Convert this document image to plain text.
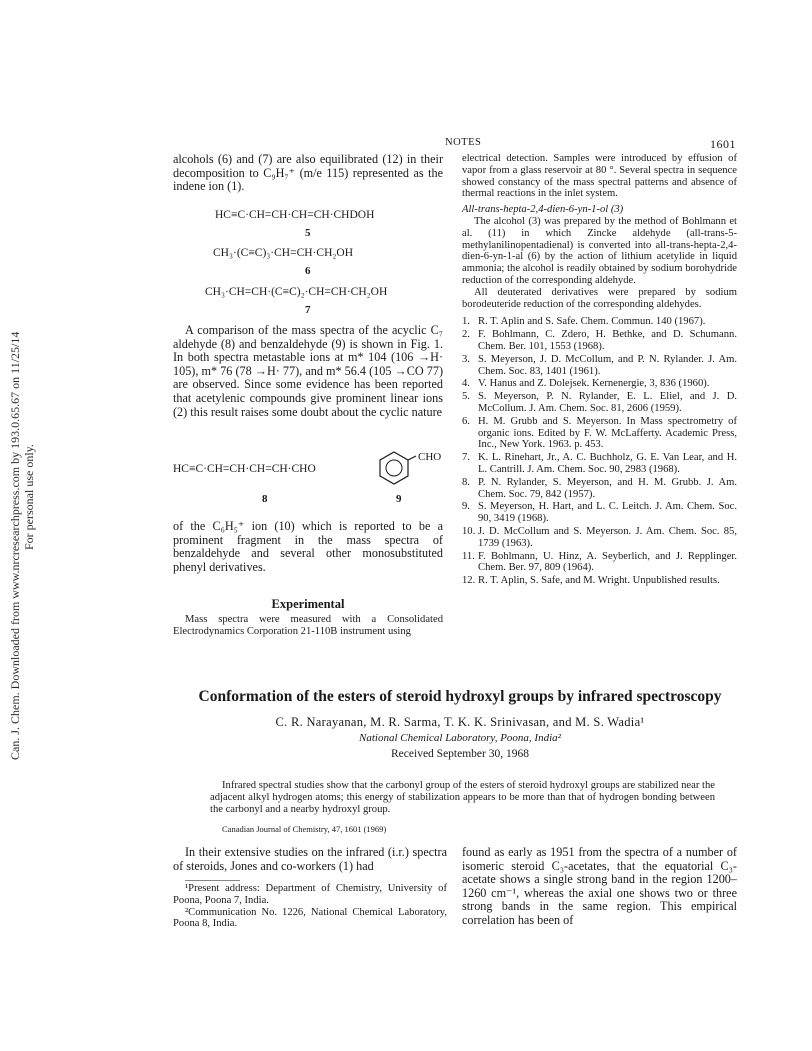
Can. J. Chem. Downloaded from www.nrcresearchpress.com by 193.0.65.67 on 11/25/14 For personal use only.
NOTES	1601

alcohols (6) and (7) are also equilibrated (12) in their decomposition to C₉H₇⁺ (m/e 115) represented as the indene ion (1).

HC≡C·CH=CH·CH=CH·CHDOH
5
CH₃·(C≡C)₃·CH=CH·CH₂OH
6
CH₃·CH=CH·(C≡C)₂·CH=CH·CH₂OH
7

A comparison of the mass spectra of the acyclic C₇ aldehyde (8) and benzaldehyde (9) is shown in Fig. 1. In both spectra metastable ions at m* 104 (106 →H· 105), m* 76 (78 →H· 77), and m* 56.4 (105 →CO 77) are observed. Since some evidence has been reported that acetylenic compounds give prominent linear ions (2) this result raises some doubt about the cyclic nature

HC≡C·CH=CH·CH=CH·CHO
8
CHO
9

of the C₆H₅⁺ ion (10) which is reported to be a prominent fragment in the mass spectra of benzaldehyde and several other monosubstituted phenyl derivatives.

Experimental

Mass spectra were measured with a Consolidated Electrodynamics Corporation 21-110B instrument using

electrical detection. Samples were introduced by effusion of vapor from a glass reservoir at 80 °. Several spectra in sequence showed constancy of the mass spectral patterns and absence of thermal reactions in the inlet system.

All-trans-hepta-2,4-dien-6-yn-1-ol (3)

The alcohol (3) was prepared by the method of Bohlmann et al. (11) in which Zincke aldehyde (all-trans-5-methylanilinopentadienal) is converted into all-trans-hepta-2,4-dien-6-yn-1-al (6) by the action of lithium acetylide in liquid ammonia; the alcohol is readily obtained by sodium borohydride reduction of the corresponding aldehyde.

All deuterated derivatives were prepared by sodium borodeuteride reduction of the corresponding aldehydes.

1. R. T. Aplin and S. Safe. Chem. Commun. 140 (1967).
2. F. Bohlmann, C. Zdero, H. Bethke, and D. Schumann. Chem. Ber. 101, 1553 (1968).
3. S. Meyerson, J. D. McCollum, and P. N. Rylander. J. Am. Chem. Soc. 83, 1401 (1961).
4. V. Hanus and Z. Dolejsek. Kernenergie, 3, 836 (1960).
5. S. Meyerson, P. N. Rylander, E. L. Eliel, and J. D. McCollum. J. Am. Chem. Soc. 81, 2606 (1959).
6. H. M. Grubb and S. Meyerson. In Mass spectrometry of organic ions. Edited by F. W. McLafferty. Academic Press, Inc., New York. 1963. p. 453.
7. K. L. Rinehart, Jr., A. C. Buchholz, G. E. Van Lear, and H. L. Cantrill. J. Am. Chem. Soc. 90, 2983 (1968).
8. P. N. Rylander, S. Meyerson, and H. M. Grubb. J. Am. Chem. Soc. 79, 842 (1957).
9. S. Meyerson, H. Hart, and L. C. Leitch. J. Am. Chem. Soc. 90, 3419 (1968).
10. J. D. McCollum and S. Meyerson. J. Am. Chem. Soc. 85, 1739 (1963).
11. F. Bohlmann, U. Hinz, A. Seyberlich, and J. Repplinger. Chem. Ber. 97, 809 (1964).
12. R. T. Aplin, S. Safe, and M. Wright. Unpublished results.
Conformation of the esters of steroid hydroxyl groups by infrared spectroscopy
C. R. Narayanan, M. R. Sarma, T. K. K. Srinivasan, and M. S. Wadia¹
National Chemical Laboratory, Poona, India²
Received September 30, 1968

Infrared spectral studies show that the carbonyl group of the esters of steroid hydroxyl groups are stabilized near the adjacent alkyl hydrogen atoms; this energy of stabilization appears to be more than that of hydrogen bonding between the carbonyl and a nearby hydroxyl group.

Canadian Journal of Chemistry, 47, 1601 (1969)

In their extensive studies on the infrared (i.r.) spectra of steroids, Jones and co-workers (1) had

¹Present address: Department of Chemistry, University of Poona, Poona 7, India.

²Communication No. 1226, National Chemical Laboratory, Poona 8, India.

found as early as 1951 from the spectra of a number of isomeric steroid C₃-acetates, that the equatorial C₃-acetate shows a single strong band in the region 1200–1260 cm⁻¹, whereas the axial one shows two or three strong bands in the same region. This empirical correlation has been of
